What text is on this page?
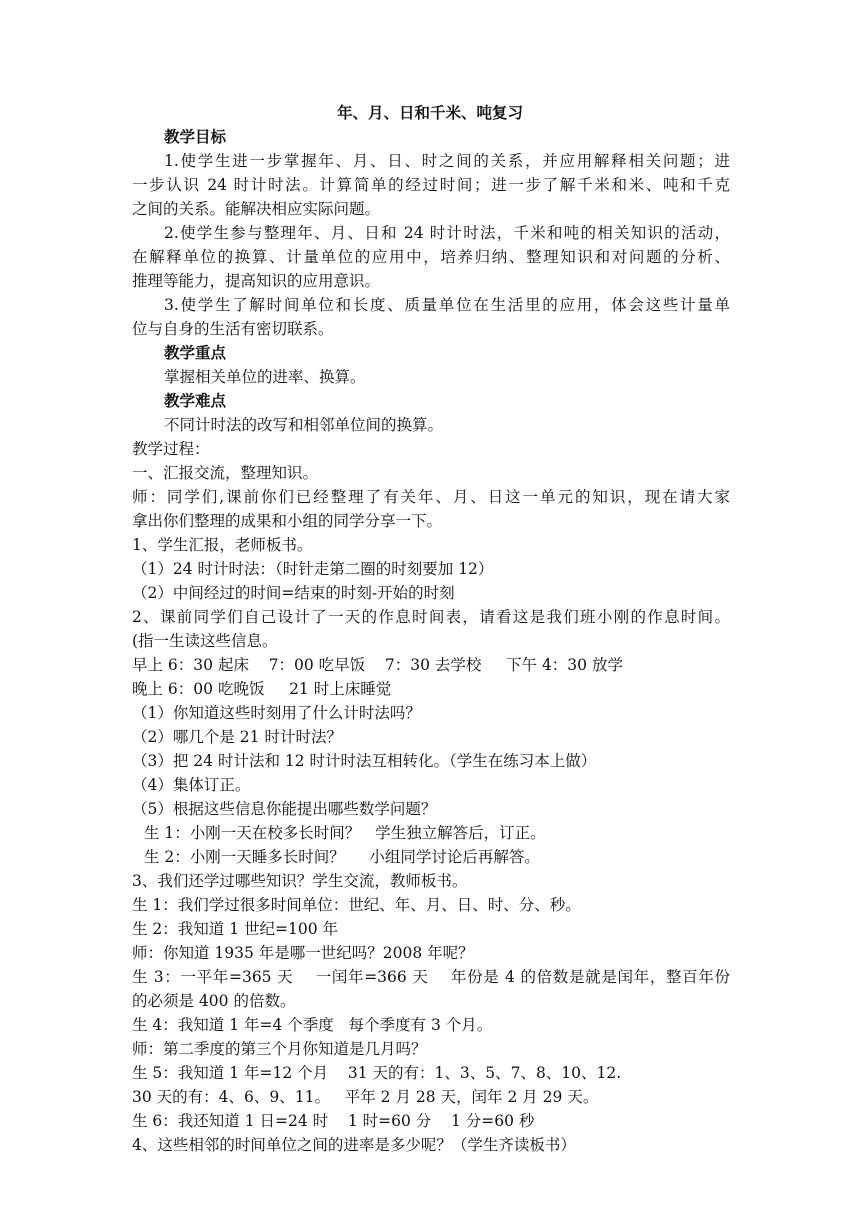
年、月、日和千米、吨复习
教学目标
1.使学生进一步掌握年、月、日、时之间的关系，并应用解释相关问题；进
一步认识 24 时计时法。计算简单的经过时间；进一步了解千米和米、吨和千克
之间的关系。能解决相应实际问题。
2.使学生参与整理年、月、日和 24 时计时法，千米和吨的相关知识的活动，
在解释单位的换算、计量单位的应用中，培养归纳、整理知识和对问题的分析、
推理等能力，提高知识的应用意识。
3.使学生了解时间单位和长度、质量单位在生活里的应用，体会这些计量单
位与自身的生活有密切联系。
教学重点
掌握相关单位的进率、换算。
教学难点
不同计时法的改写和相邻单位间的换算。
教学过程：
一、汇报交流，整理知识。
师：同学们,课前你们已经整理了有关年、月、日这一单元的知识，现在请大家
拿出你们整理的成果和小组的同学分享一下。
1、学生汇报，老师板书。
（1）24 时计时法：（时针走第二圈的时刻要加 12）
（2）中间经过的时间=结束的时刻-开始的时刻
2、课前同学们自己设计了一天的作息时间表，请看这是我们班小刚的作息时间。
(指一生读这些信息。
早上 6：30 起床    7：00 吃早饭    7：30 去学校     下午 4：30 放学
晚上 6：00 吃晚饭     21 时上床睡觉
（1）你知道这些时刻用了什么计时法吗？
（2）哪几个是 21 时计时法？
（3）把 24 时计法和 12 时计时法互相转化。（学生在练习本上做）
（4）集体订正。
（5）根据这些信息你能提出哪些数学问题？
生 1：小刚一天在校多长时间？   学生独立解答后，订正。
生 2：小刚一天睡多长时间？     小组同学讨论后再解答。
3、我们还学过哪些知识？学生交流，教师板书。
生 1：我们学过很多时间单位：世纪、年、月、日、时、分、秒。
生 2：我知道 1 世纪=100 年
师：你知道 1935 年是哪一世纪吗？2008 年呢？
生 3：一平年=365 天    一闰年=366 天    年份是 4 的倍数是就是闰年，整百年份
的必须是 400 的倍数。
生 4：我知道 1 年=4 个季度   每个季度有 3 个月。
师：第二季度的第三个月你知道是几月吗？
生 5：我知道 1 年=12 个月    31 天的有：1、3、5、7、8、10、12.
30 天的有：4、6、9、11。   平年 2 月 28 天，闰年 2 月 29 天。
生 6：我还知道 1 日=24 时    1 时=60 分    1 分=60 秒
4、这些相邻的时间单位之间的进率是多少呢？（学生齐读板书）
